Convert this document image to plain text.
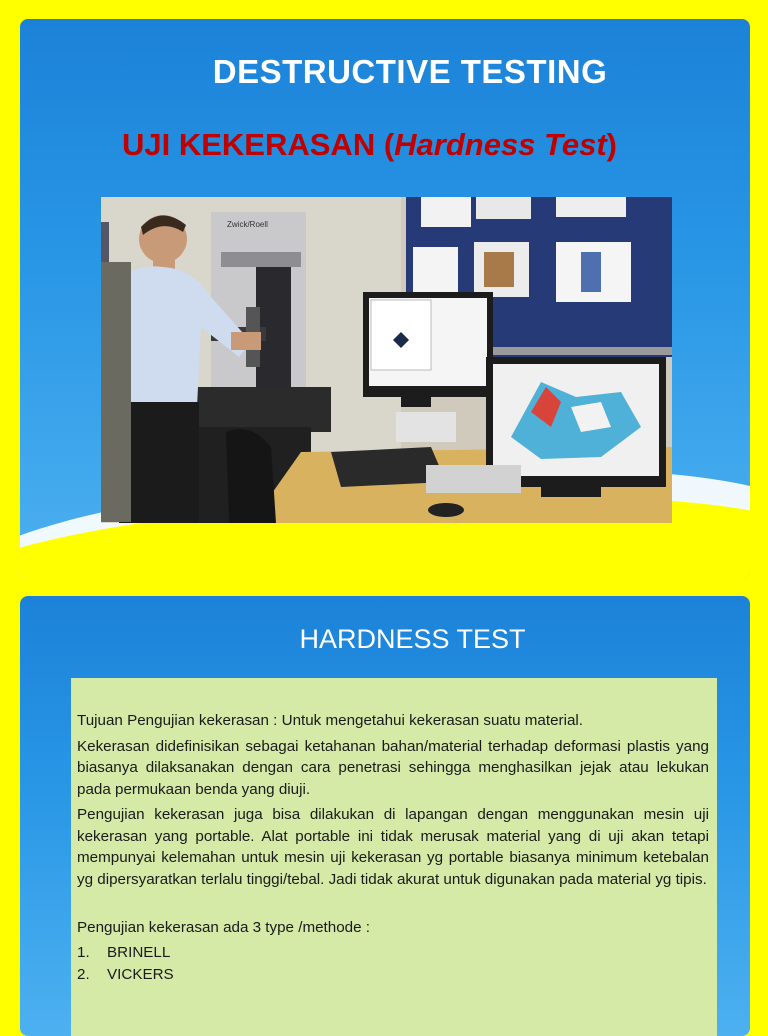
DESTRUCTIVE TESTING
UJI KEKERASAN (Hardness Test)
Zwick/Roell
HARDNESS TEST

Tujuan Pengujian kekerasan : Untuk mengetahui kekerasan suatu material.

Kekerasan didefinisikan sebagai ketahanan bahan/material terhadap deformasi plastis yang biasanya dilaksanakan dengan cara penetrasi sehingga menghasilkan jejak atau lekukan pada permukaan benda yang diuji.

Pengujian kekerasan juga bisa dilakukan di lapangan dengan menggunakan mesin uji kekerasan yang portable. Alat portable ini tidak merusak material yang di uji akan tetapi mempunyai kelemahan untuk mesin uji kekerasan yg portable biasanya minimum ketebalan yg dipersyaratkan terlalu tinggi/tebal. Jadi tidak akurat untuk digunakan pada material yg tipis.

Pengujian kekerasan ada 3 type /methode :

1.	BRINELL
2.	VICKERS
